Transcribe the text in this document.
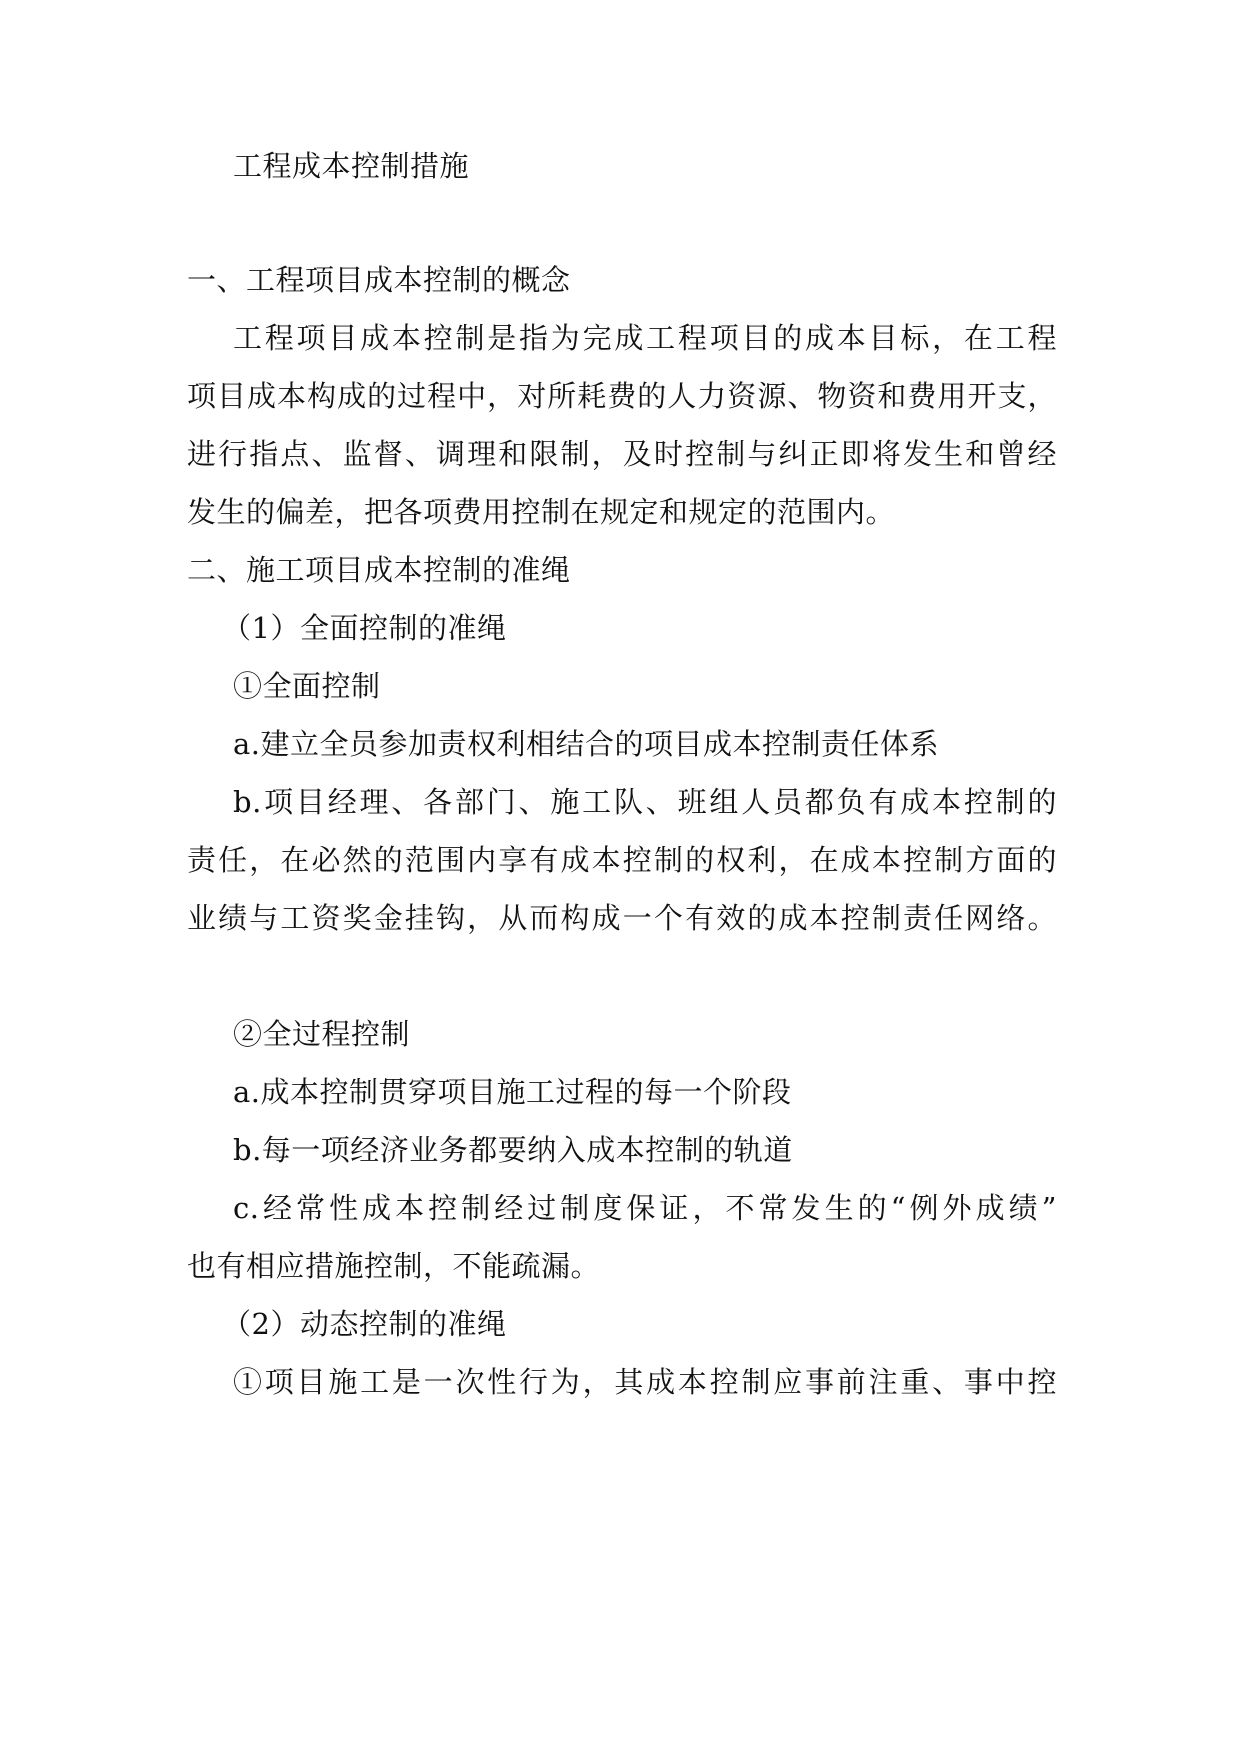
工程成本控制措施
一、工程项目成本控制的概念
工程项目成本控制是指为完成工程项目的成本目标，在工程
项目成本构成的过程中，对所耗费的人力资源、物资和费用开支，
进行指点、监督、调理和限制，及时控制与纠正即将发生和曾经
发生的偏差，把各项费用控制在规定和规定的范围内。
二、施工项目成本控制的准绳
（1）全面控制的准绳
①全面控制
a.建立全员参加责权利相结合的项目成本控制责任体系
b.项目经理、各部门、施工队、班组人员都负有成本控制的
责任，在必然的范围内享有成本控制的权利，在成本控制方面的
业绩与工资奖金挂钩，从而构成一个有效的成本控制责任网络。
②全过程控制
a.成本控制贯穿项目施工过程的每一个阶段
b.每一项经济业务都要纳入成本控制的轨道
c.经常性成本控制经过制度保证，不常发生的“例外成绩”
也有相应措施控制，不能疏漏。
（2）动态控制的准绳
①项目施工是一次性行为，其成本控制应事前注重、事中控
